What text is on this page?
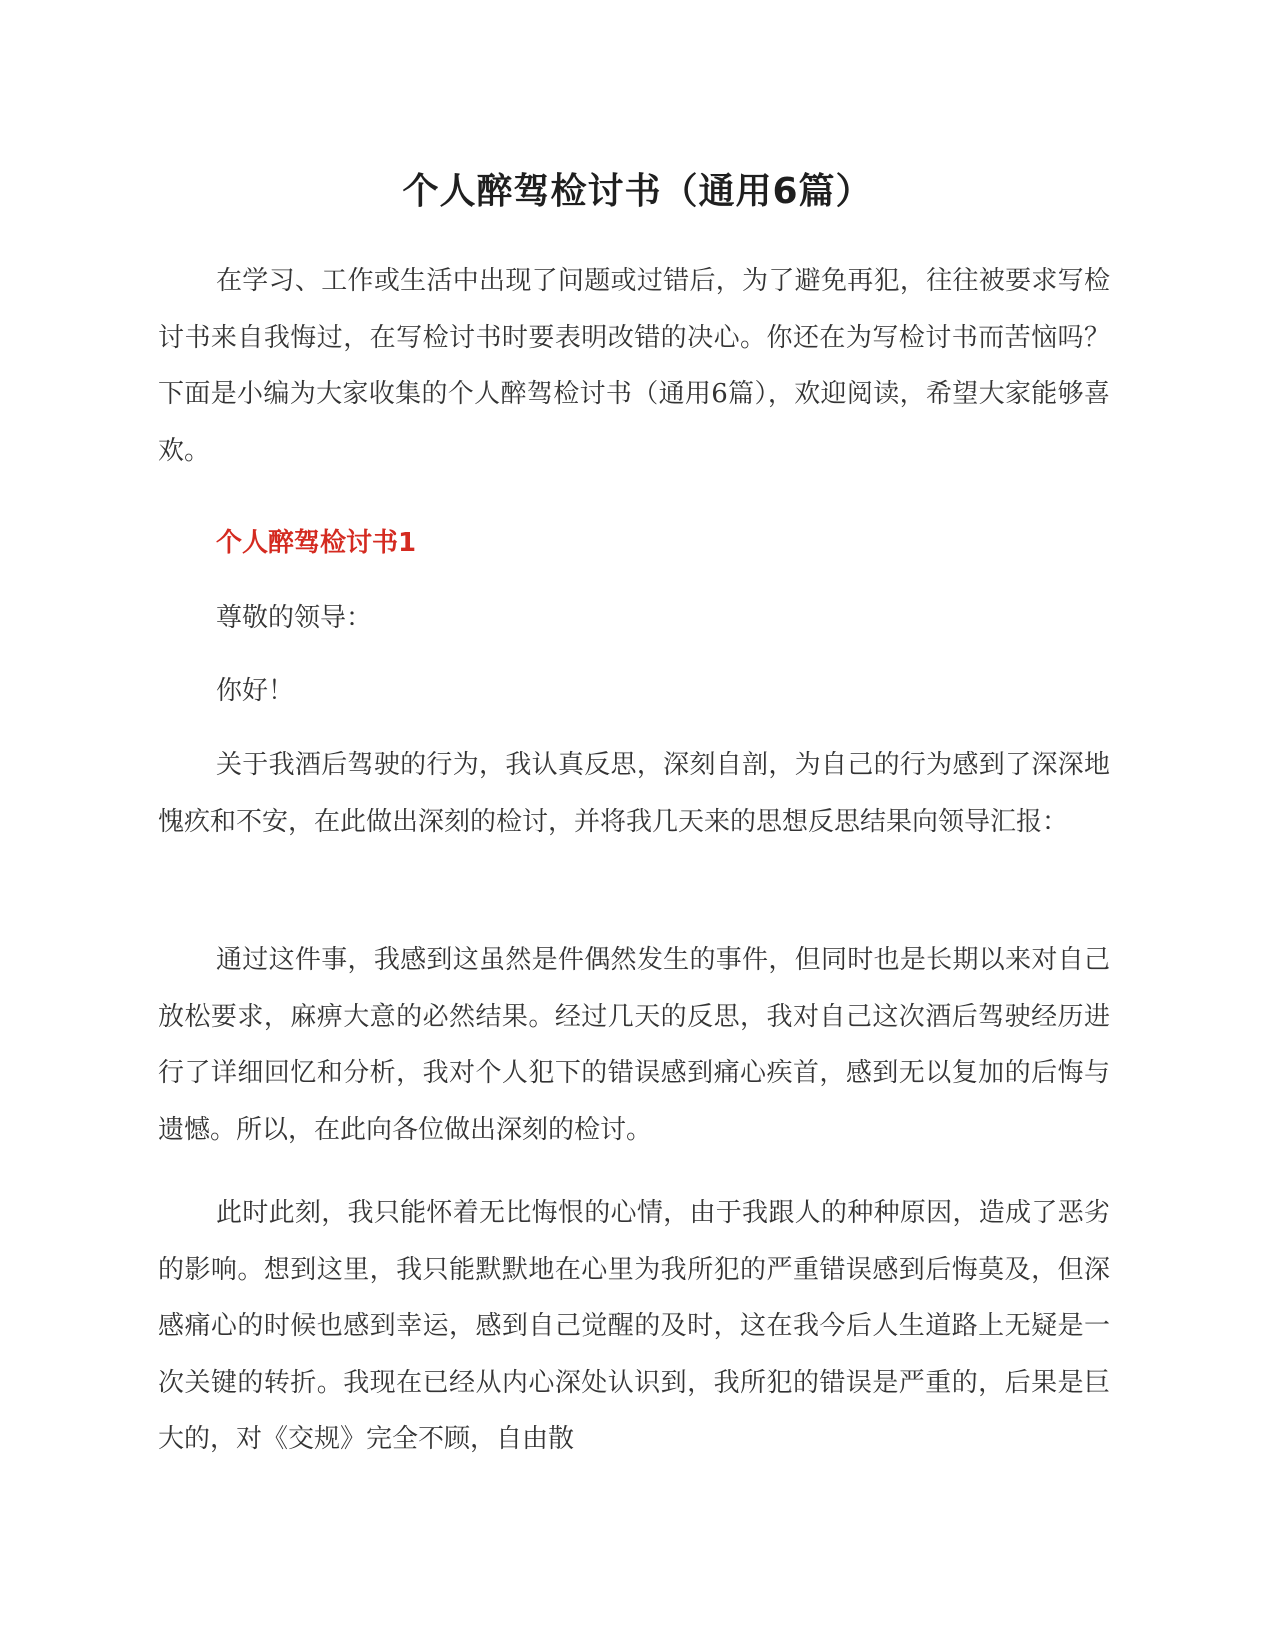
个人醉驾检讨书（通用6篇）

在学习、工作或生活中出现了问题或过错后，为了避免再犯，往往被要求写检讨书来自我悔过，在写检讨书时要表明改错的决心。你还在为写检讨书而苦恼吗？下面是小编为大家收集的个人醉驾检讨书（通用6篇），欢迎阅读，希望大家能够喜欢。

个人醉驾检讨书1
尊敬的领导：
你好！

关于我酒后驾驶的行为，我认真反思，深刻自剖，为自己的行为感到了深深地愧疚和不安，在此做出深刻的检讨，并将我几天来的思想反思结果向领导汇报：

通过这件事，我感到这虽然是件偶然发生的事件，但同时也是长期以来对自己放松要求，麻痹大意的必然结果。经过几天的反思，我对自己这次酒后驾驶经历进行了详细回忆和分析，我对个人犯下的错误感到痛心疾首，感到无以复加的后悔与遗憾。所以，在此向各位做出深刻的检讨。

此时此刻，我只能怀着无比悔恨的心情，由于我跟人的种种原因，造成了恶劣的影响。想到这里，我只能默默地在心里为我所犯的严重错误感到后悔莫及，但深感痛心的时候也感到幸运，感到自己觉醒的及时，这在我今后人生道路上无疑是一次关键的转折。我现在已经从内心深处认识到，我所犯的错误是严重的，后果是巨大的，对《交规》完全不顾，自由散
